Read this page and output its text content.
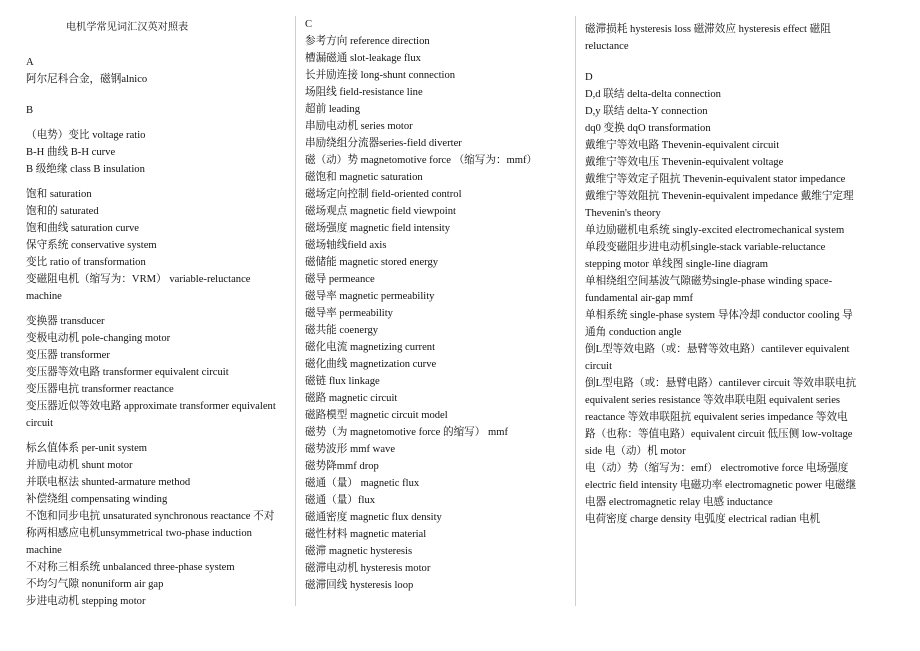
电机学常见词汇汉英对照表
A
阿尔尼科合金，磁钢alnico
B
（电势）变比 voltage ratio
B-H 曲线 B-H curve
B 级绝缘 class B insulation
饱和 saturation
饱和的 saturated
饱和曲线 saturation curve
保守系统 conservative system
变比 ratio of transformation
变磁阻电机（缩写为：VRM） variable-reluctance machine
变换器 transducer
变极电动机 pole-changing motor
变压器 transformer
变压器等效电路 transformer equivalent circuit
变压器电抗 transformer reactance
变压器近似等效电路 approximate transformer equivalent circuit
标幺值体系 per-unit system
并励电动机 shunt motor
并联电枢法 shunted-armature method
补偿绕组 compensating winding
不饱和同步电抗 unsaturated synchronous reactance 不对称两相感应电机unsymmetrical two-phase induction machine
不对称三相系统 unbalanced three-phase system
不均匀气隙 nonuniform air gap
步进电动机 stepping motor
C
参考方向 reference direction
槽漏磁通 slot-leakage flux
长并励连接 long-shunt connection
场阻线 field-resistance line
超前 leading
串励电动机 series motor
串励绕组分流器series-field diverter
磁（动）势 magnetomotive force （缩写为：mmf）
磁饱和 magnetic saturation
磁场定向控制 field-oriented control
磁场观点 magnetic field viewpoint
磁场强度 magnetic field intensity
磁场轴线field axis
磁储能 magnetic stored energy
磁导 permeance
磁导率 magnetic permeability
磁导率 permeability
磁共能 coenergy
磁化电流 magnetizing current
磁化曲线 magnetization curve
磁链 flux linkage
磁路 magnetic circuit
磁路模型 magnetic circuit model
磁势（为 magnetomotive force 的缩写） mmf
磁势波形 mmf wave
磁势降mmf drop
磁通（量） magnetic flux
磁通（量）flux
磁通密度 magnetic flux density
磁性材料 magnetic material
磁滞 magnetic hysteresis
磁滞电动机 hysteresis motor
磁滞回线 hysteresis loop
磁滞损耗 hysteresis loss 磁滞效应 hysteresis effect 磁阻 reluctance
D
D,d 联结 delta-delta connection
D,y 联结 delta-Y connection
dq0 变换 dqO transformation
戴维宁等效电路 Thevenin-equivalent circuit
戴维宁等效电压 Thevenin-equivalent voltage
戴维宁等效定子阻抗 Thevenin-equivalent stator impedance
戴维宁等效阻抗 Thevenin-equivalent impedance 戴维宁定理 Thevenin's theory
单边励磁机电系统 singly-excited electromechanical system
单段变磁阻步进电动机single-stack variable-reluctance stepping motor 单线图 single-line diagram
单相绕组空间基波气隙磁势single-phase winding space-fundamental air-gap mmf
单相系统 single-phase system 导体冷却 conductor cooling 导通角 conduction angle
倒L型等效电路（或：悬臂等效电路）cantilever equivalent circuit
倒L型电路（或：悬臂电路）cantilever circuit 等效串联电抗 equivalent series resistance 等效串联电阻 equivalent series reactance 等效串联阻抗 equivalent series impedance 等效电路（也称：等值电路）equivalent circuit 低压侧 low-voltage side 电（动）机 motor
电（动）势（缩写为：emf） electromotive force 电场强度 electric field intensity 电磁功率 electromagnetic power 电磁继电器 electromagnetic relay 电感 inductance
电荷密度 charge density 电弧度 electrical radian 电机
